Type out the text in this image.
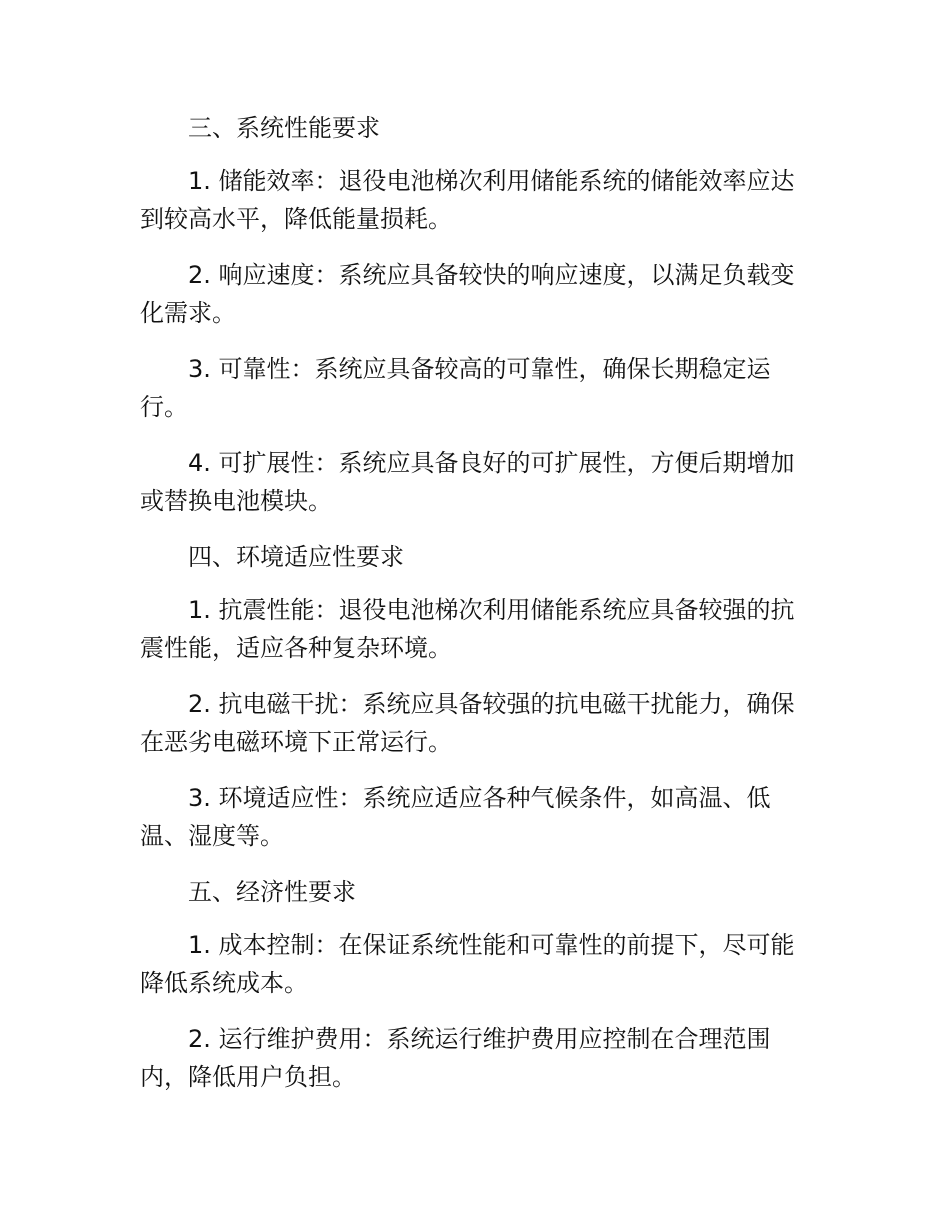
三、系统性能要求

1. 储能效率：退役电池梯次利用储能系统的储能效率应达到较高水平，降低能量损耗。

2. 响应速度：系统应具备较快的响应速度，以满足负载变化需求。

3. 可靠性：系统应具备较高的可靠性，确保长期稳定运行。

4. 可扩展性：系统应具备良好的可扩展性，方便后期增加或替换电池模块。

四、环境适应性要求

1. 抗震性能：退役电池梯次利用储能系统应具备较强的抗震性能，适应各种复杂环境。

2. 抗电磁干扰：系统应具备较强的抗电磁干扰能力，确保在恶劣电磁环境下正常运行。

3. 环境适应性：系统应适应各种气候条件，如高温、低温、湿度等。

五、经济性要求

1. 成本控制：在保证系统性能和可靠性的前提下，尽可能降低系统成本。

2. 运行维护费用：系统运行维护费用应控制在合理范围内，降低用户负担。
